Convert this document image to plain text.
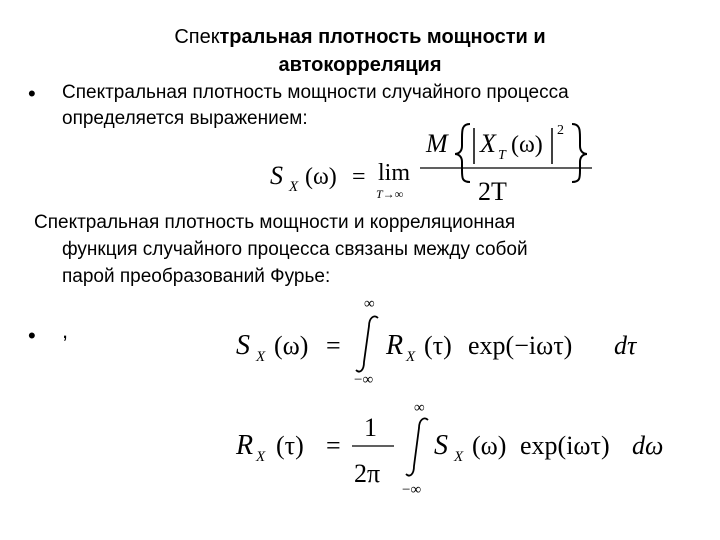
Спектральная плотность мощности и
автокорреляция
• Спектральная плотность мощности случайного процесса
определяется выражением:
Спектральная плотность мощности и корреляционная
функция случайного процесса связаны между собой
парой преобразований Фурье:
• ,
S X (ω) = lim
T→∞
M X T (ω)
2
2T
S X (ω) =
∞
−∞
R X (τ) exp(−iωτ) dτ
R X (τ) =
1
2π
∞
−∞
S X (ω) exp(iωτ) dω
